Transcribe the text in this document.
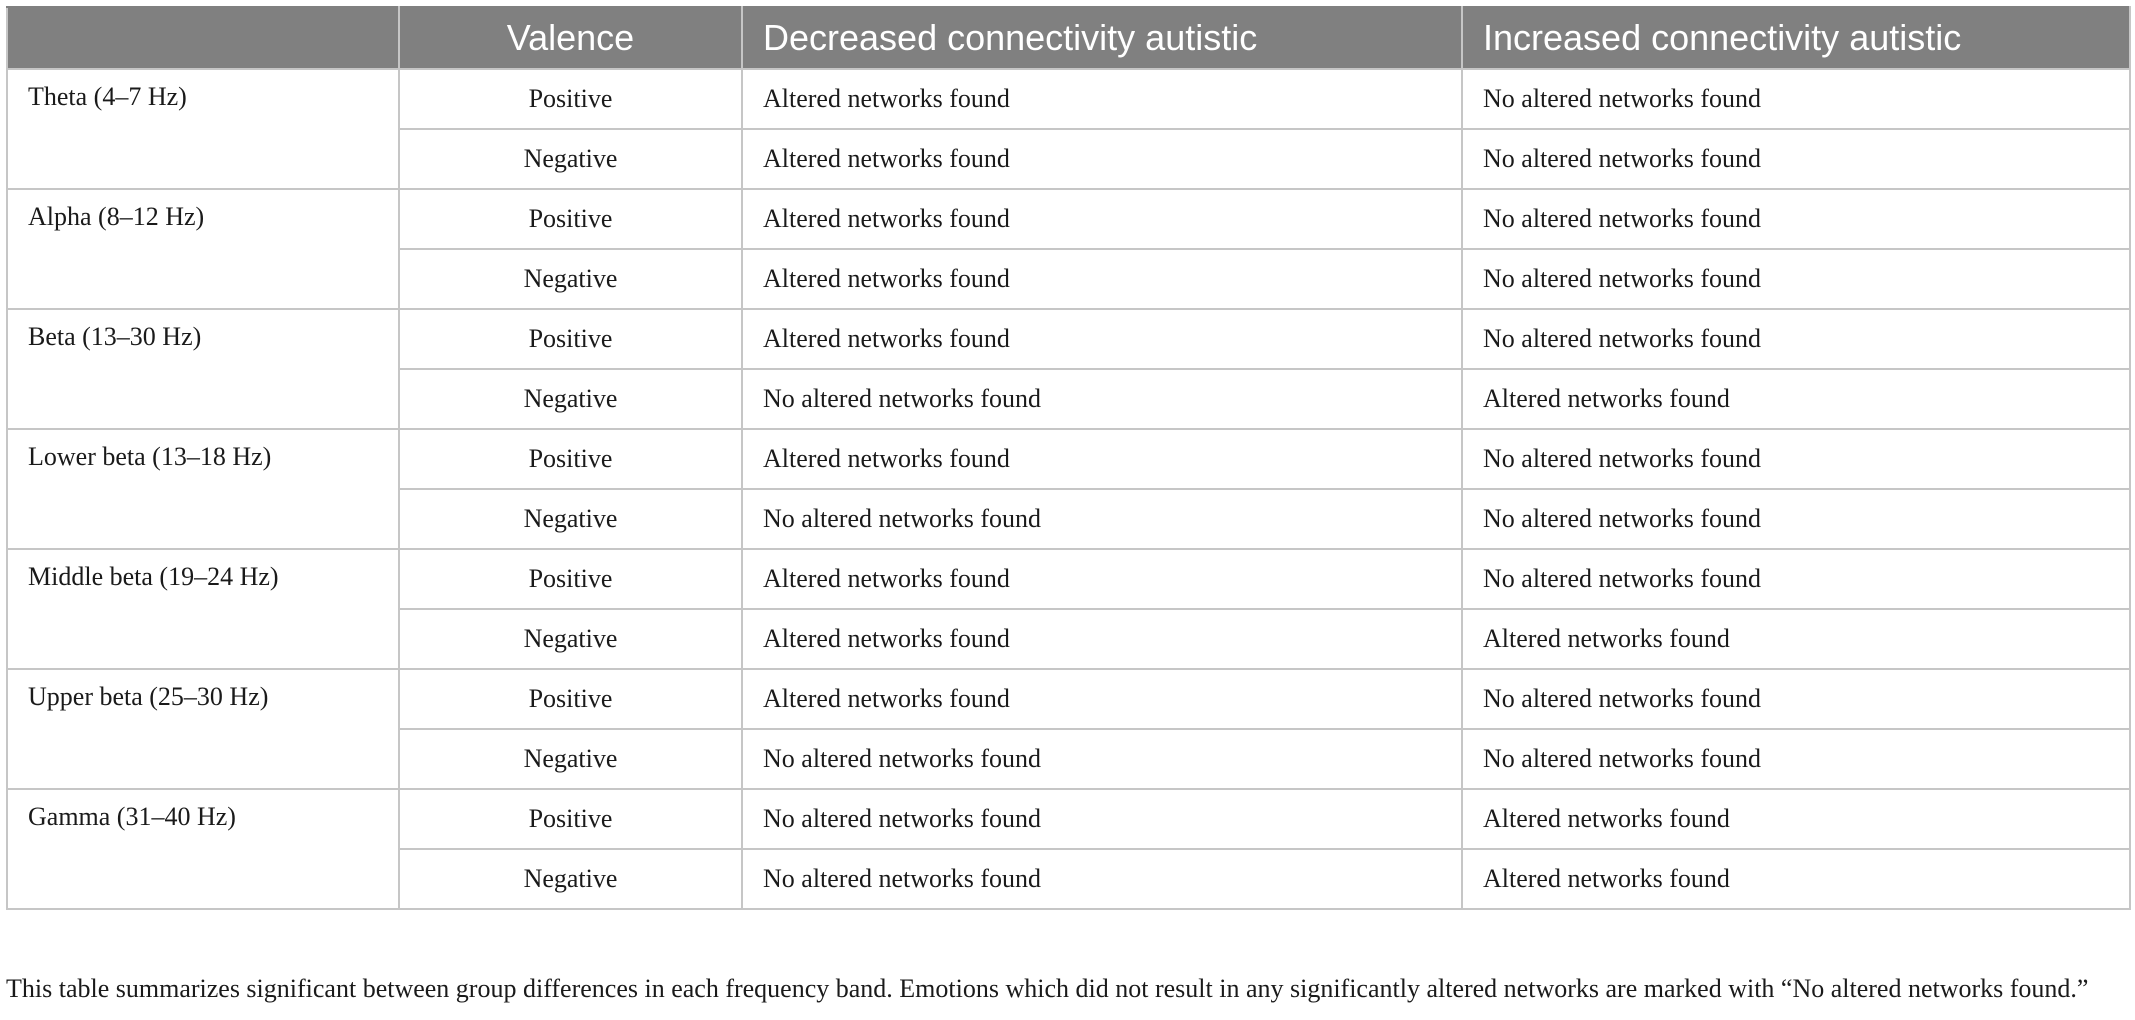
	Valence	Decreased connectivity autistic	Increased connectivity autistic
Theta (4–7 Hz)	Positive	Altered networks found	No altered networks found
	Negative	Altered networks found	No altered networks found
Alpha (8–12 Hz)	Positive	Altered networks found	No altered networks found
	Negative	Altered networks found	No altered networks found
Beta (13–30 Hz)	Positive	Altered networks found	No altered networks found
	Negative	No altered networks found	Altered networks found
Lower beta (13–18 Hz)	Positive	Altered networks found	No altered networks found
	Negative	No altered networks found	No altered networks found
Middle beta (19–24 Hz)	Positive	Altered networks found	No altered networks found
	Negative	Altered networks found	Altered networks found
Upper beta (25–30 Hz)	Positive	Altered networks found	No altered networks found
	Negative	No altered networks found	No altered networks found
Gamma (31–40 Hz)	Positive	No altered networks found	Altered networks found
	Negative	No altered networks found	Altered networks found

This table summarizes significant between group differences in each frequency band. Emotions which did not result in any significantly altered networks are marked with “No altered networks found.”
